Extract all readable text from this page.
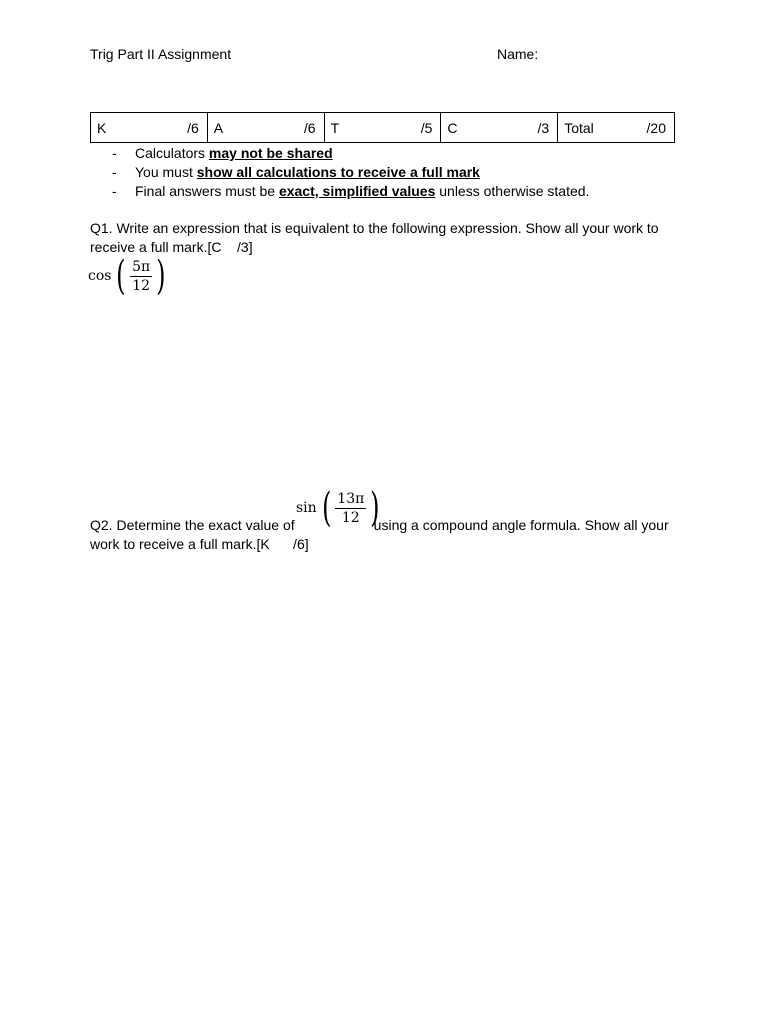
Trig Part II Assignment	Name:
K	/6	A	/6	T	/5	C	/3	Total	/20
-	Calculators may not be shared
-	You must show all calculations to receive a full mark
-	Final answers must be exact, simplified values unless otherwise stated.
Q1. Write an expression that is equivalent to the following expression. Show all your work to receive a full mark.[C    /3]
cos ( $\frac{5\pi}{12}$ )
sin ( $\frac{13\pi}{12}$ )
Q2. Determine the exact value of	using a compound angle formula. Show all your work to receive a full mark.[K      /6]
